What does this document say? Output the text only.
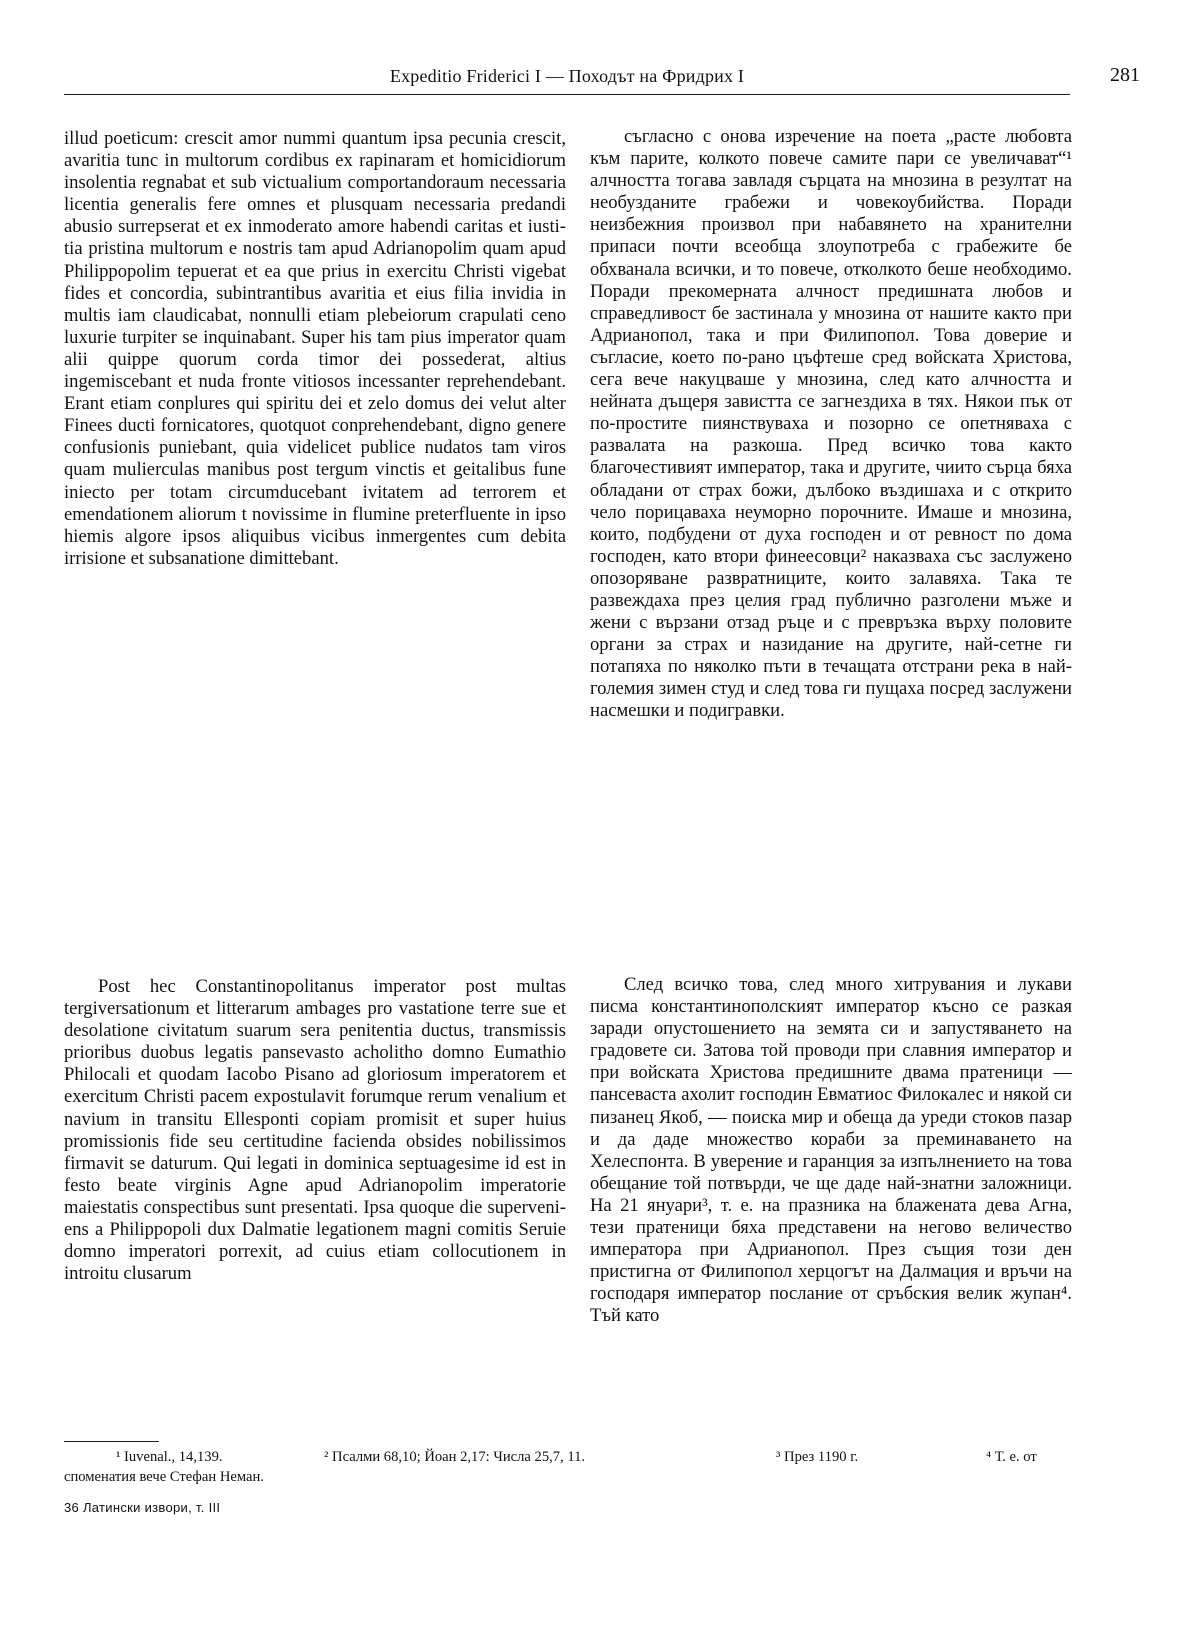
Expeditio Friderici I — Походът на Фридрих I	281

illud poeticum: crescit amor nummi quantum ipsa pecunia crescit, avaritia tunc in multorum cordibus ex rapinaram et homicidiorum insolentia regnabat et sub victualium comportandoraum necessaria licentia generalis fere omnes et plusquam necessaria predandi abusio surrepserat et ex inmoderato amore habendi caritas et iustitia pristina multorum e nostris tam apud Adrianopolim quam apud Philippopolim tepuerat et ea que prius in exercitu Christi vigebat fides et concordia, subintrantibus avaritia et eius filia invidia in multis iam claudicabat, nonnulli etiam plebeiorum crapulati ceno luxurie turpiter se inquinabant. Super his tam pius imperator quam alii quippe quorum corda timor dei possederat, altius ingemiscebant et nuda fronte vitiosos incessanter reprehendebant. Erant etiam conplures qui spiritu dei et zelo domus dei velut alter Finees ducti fornicatores, quotquot conprehendebant, digno genere confusionis puniebant, quia videlicet publice nudatos tam viros quam mulierculas manibus post tergum vinctis et geitalibus fune iniecto per totam circumducebant ivitatem ad terrorem et emendationem aliorum t novissime in flumine preterfluente in ipso hiemis algore ipsos aliquibus vicibus inmergentes cum debita irrisione et subsanatione dimittebant.

Post hec Constantinopolitanus imperator post multas tergiversationum et litterarum ambages pro vastatione terre sue et desolatione civitatum suarum sera penitentia ductus, transmissis prioribus duobus legatis pansevasto acholitho domno Eumathio Philocali et quodam Iacobo Pisano ad gloriosum imperatorem et exercitum Christi pacem expostulavit forumque rerum venalium et navium in transitu Ellesponti copiam promisit et super huius promissionis fide seu certitudine facienda obsides nobilissimos firmavit se daturum. Qui legati in dominica septuagesime id est in festo beate virginis Agne apud Adrianopolim imperatorie maiestatis conspectibus sunt presentati. Ipsa quoque die superveniens a Philippopoli dux Dalmatie legationem magni comitis Seruie domno imperatori porrexit, ad cuius etiam collocutionem in introitu clusarum

съгласно с онова изречение на поета „расте любовта към парите, колкото повече самите пари се увеличават“¹ алчността тогава завладя сърцата на мнозина в резултат на необузданите грабежи и човекоубийства. Поради неизбежния произвол при набавянето на хранителни припаси почти всеобща злоупотреба с грабежите бе обхванала всички, и то повече, отколкото беше необходимо. Поради прекомерната алчност предишната любов и справедливост бе застинала у мнозина от нашите както при Адрианопол, така и при Филипопол. Това доверие и съгласие, което по-рано цъфтеше сред войската Христова, сега вече накуцваше у мнозина, след като алчността и нейната дъщеря завистта се загнездиха в тях. Някои пък от по-простите пиянствуваха и позорно се опетняваха с развалата на разкоша. Пред всичко това както благочестивият император, така и другите, чиито сърца бяха обладани от страх божи, дълбоко въздишаха и с открито чело порицаваха неуморно порочните. Имаше и мнозина, които, подбудени от духа господен и от ревност по дома господен, като втори финеесовци² наказваха със заслужено опозоряване развратниците, които залавяха. Така те развеждаха през целия град публично разголени мъже и жени с вързани отзад ръце и с превръзка върху половите органи за страх и назидание на другите, най-сетне ги потапяха по няколко пъти в течащата отстрани река в най-големия зимен студ и след това ги пущаха посред заслужени насмешки и подигравки.

След всичко това, след много хитрувания и лукави писма константинополският император късно се разкая заради опустошението на земята си и запустяването на градовете си. Затова той проводи при славния император и при войската Христова предишните двама пратеници — пансеваста ахолит господин Евматиос Филокалес и някой си пизанец Якоб, — поиска мир и обеща да уреди стоков пазар и да даде множество кораби за преминаването на Хелеспонта. В уверение и гаранция за изпълнението на това обещание той потвърди, че ще даде най-знатни заложници. На 21 януари³, т. е. на празника на блажената дева Агна, тези пратеници бяха представени на негово величество императора при Адрианопол. През същия този ден пристигна от Филипопол херцогът на Далмация и връчи на господаря император послание от сръбския велик жупан⁴. Тъй като

¹ Iuvenal., 14,139.	² Псалми 68,10; Йоан 2,17: Числа 25,7, 11.	³ През 1190 г.	⁴ Т. е. от
споменатия вече Стефан Неман.
36 Латински извори, т. III
